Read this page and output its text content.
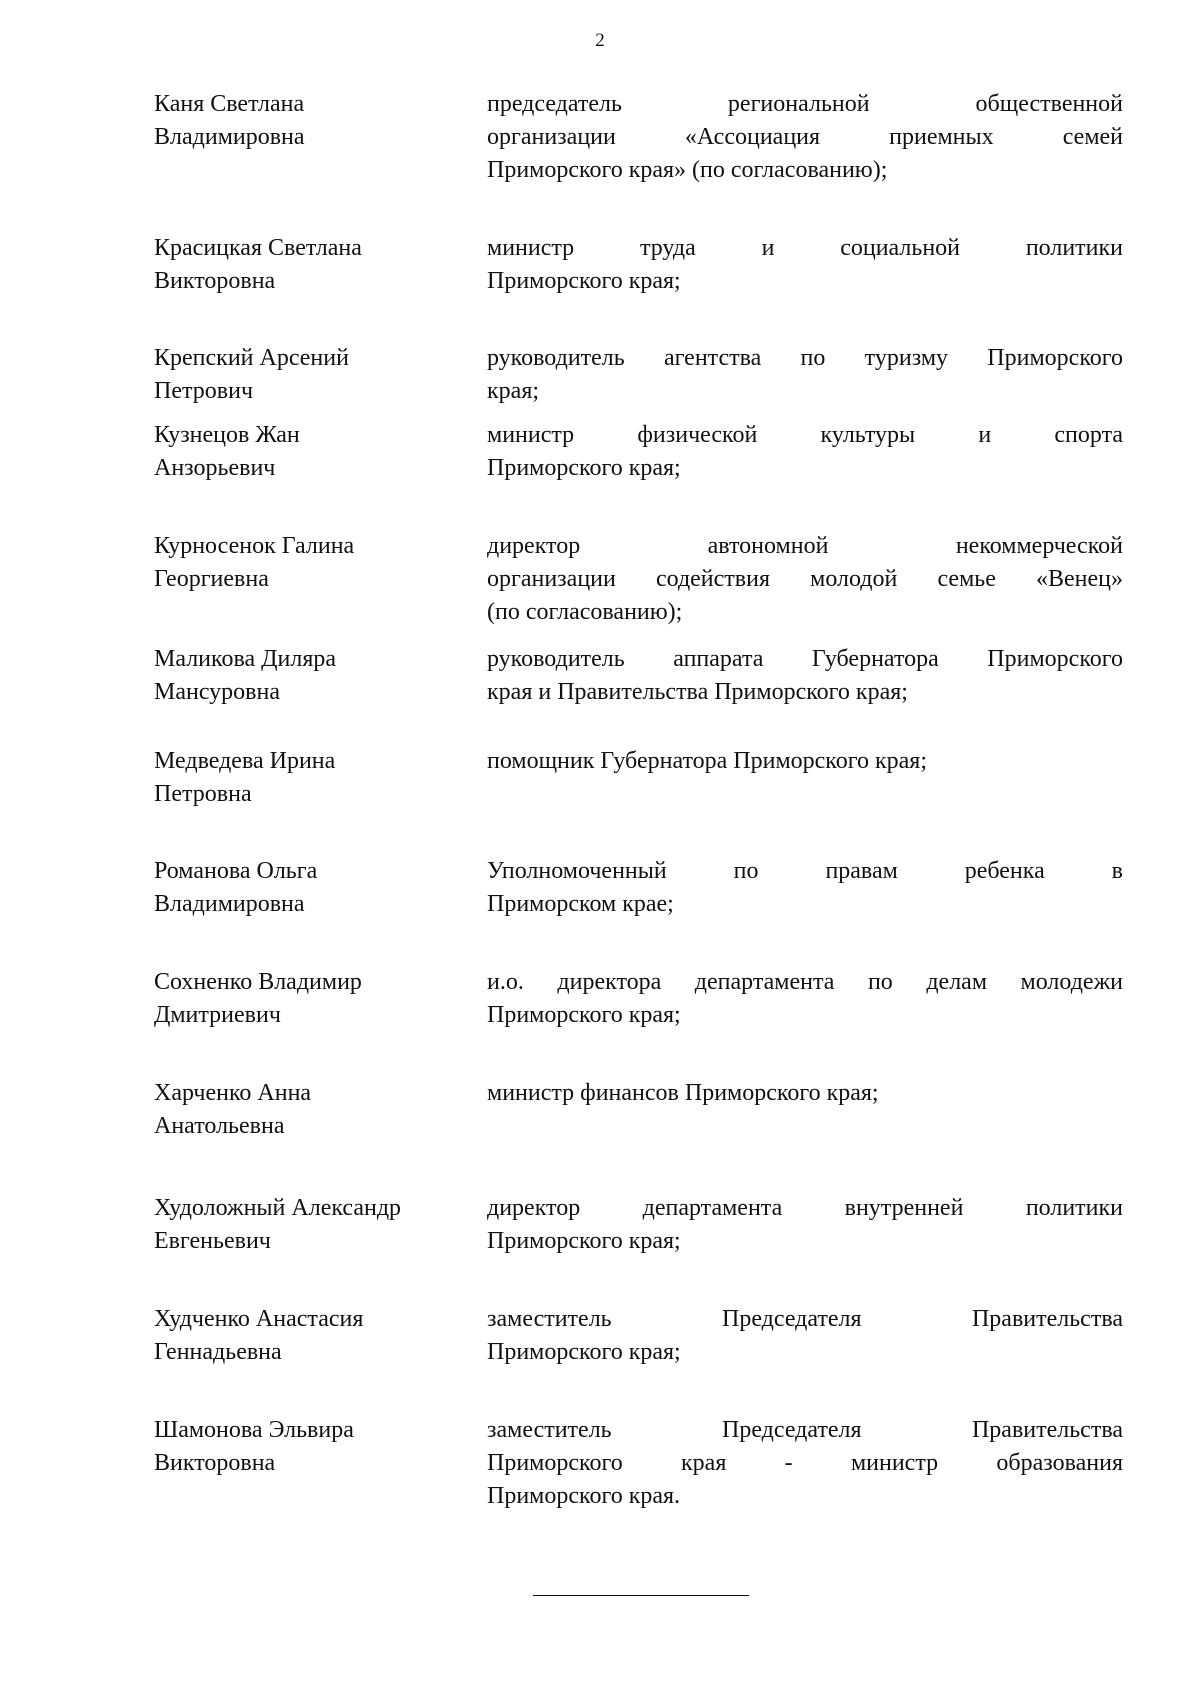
2
Каня Светлана
Владимировна
председатель региональной общественной
организации «Ассоциация приемных семей
Приморского края» (по согласованию);
Красицкая Светлана
Викторовна
министр труда и социальной политики
Приморского края;
Крепский Арсений
Петрович
руководитель агентства по туризму Приморского
края;
Кузнецов Жан
Анзорьевич
министр физической культуры и спорта
Приморского края;
Курносенок Галина
Георгиевна
директор автономной некоммерческой
организации содействия молодой семье «Венец»
(по согласованию);
Маликова Диляра
Мансуровна
руководитель аппарата Губернатора Приморского
края и Правительства Приморского края;
Медведева Ирина
Петровна
помощник Губернатора Приморского края;
Романова Ольга
Владимировна
Уполномоченный по правам ребенка в
Приморском крае;
Сохненко Владимир
Дмитриевич
и.о. директора департамента по делам молодежи
Приморского края;
Харченко Анна
Анатольевна
министр финансов Приморского края;
Худоложный Александр
Евгеньевич
директор департамента внутренней политики
Приморского края;
Худченко Анастасия
Геннадьевна
заместитель Председателя Правительства
Приморского края;
Шамонова Эльвира
Викторовна
заместитель Председателя Правительства
Приморского края - министр образования
Приморского края.
